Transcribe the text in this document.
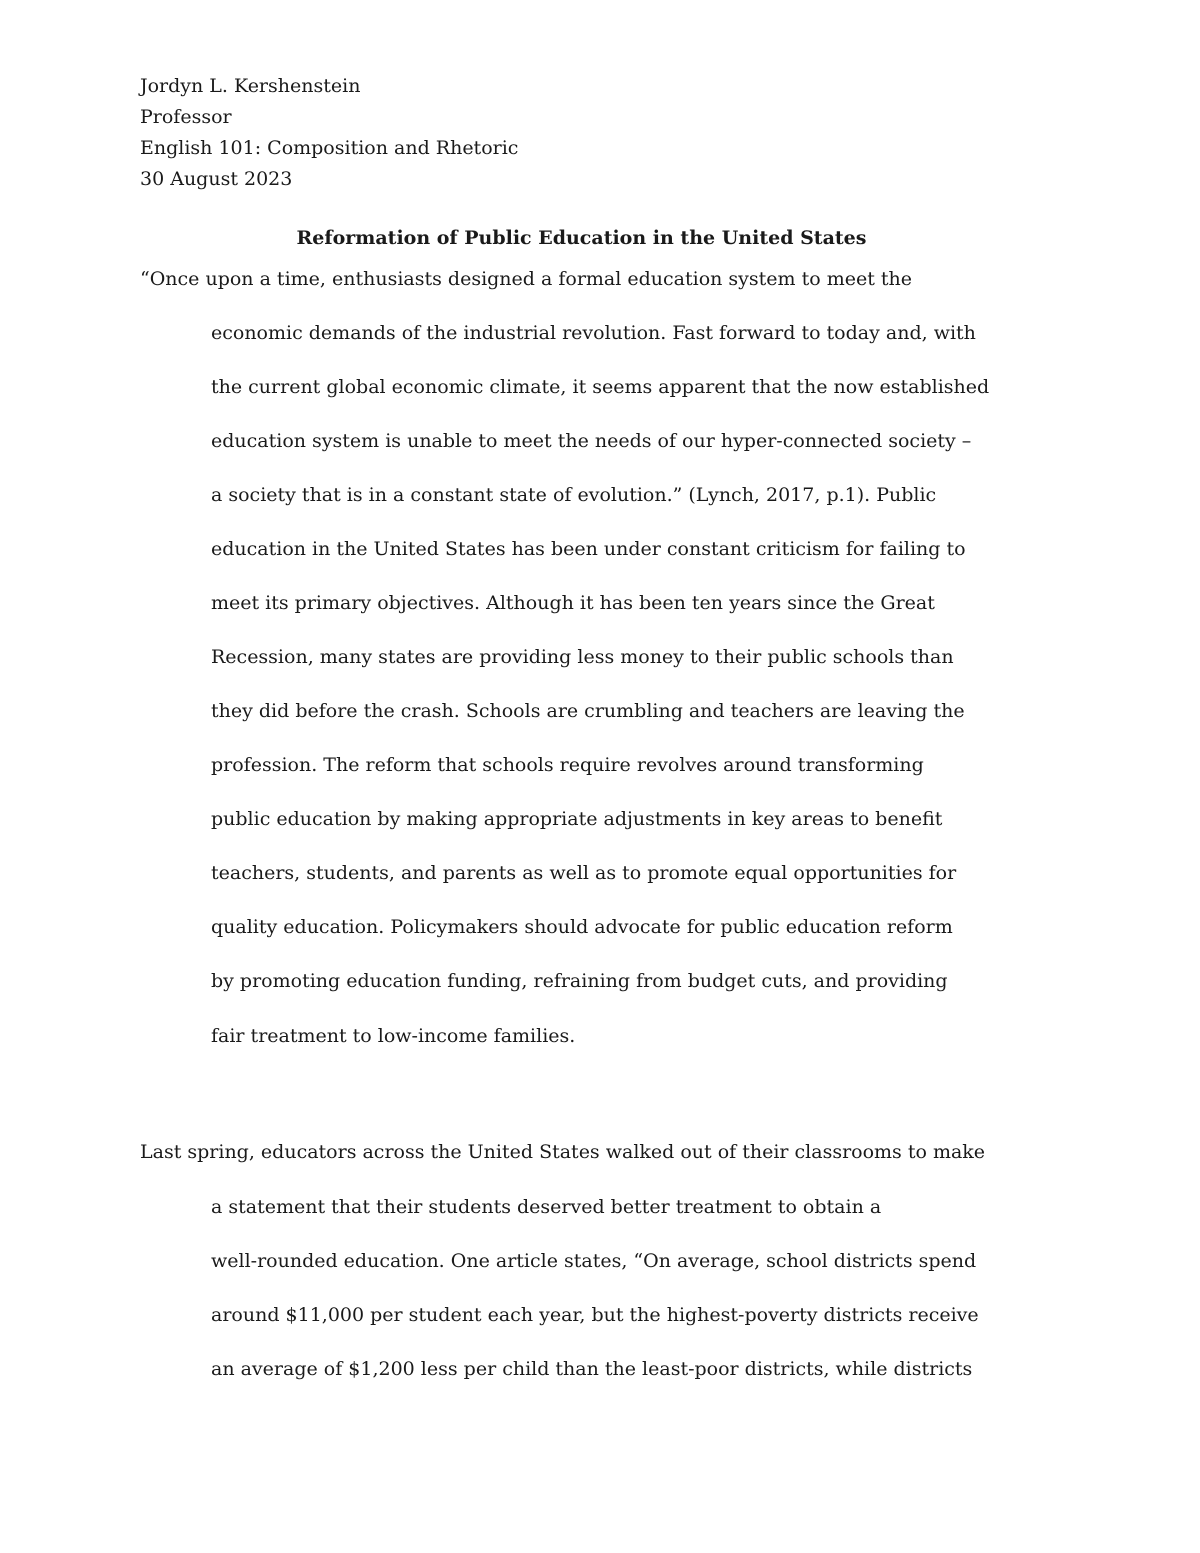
Jordyn L. Kershenstein
Professor
English 101: Composition and Rhetoric
30 August 2023
Reformation of Public Education in the United States
“Once upon a time, enthusiasts designed a formal education system to meet the
economic demands of the industrial revolution. Fast forward to today and, with
the current global economic climate, it seems apparent that the now established
education system is unable to meet the needs of our hyper-connected society –
a society that is in a constant state of evolution.” (Lynch, 2017, p.1). Public
education in the United States has been under constant criticism for failing to
meet its primary objectives. Although it has been ten years since the Great
Recession, many states are providing less money to their public schools than
they did before the crash. Schools are crumbling and teachers are leaving the
profession. The reform that schools require revolves around transforming
public education by making appropriate adjustments in key areas to benefit
teachers, students, and parents as well as to promote equal opportunities for
quality education. Policymakers should advocate for public education reform
by promoting education funding, refraining from budget cuts, and providing
fair treatment to low-income families.
Last spring, educators across the United States walked out of their classrooms to make
a statement that their students deserved better treatment to obtain a
well-rounded education. One article states, “On average, school districts spend
around $11,000 per student each year, but the highest-poverty districts receive
an average of $1,200 less per child than the least-poor districts, while districts
